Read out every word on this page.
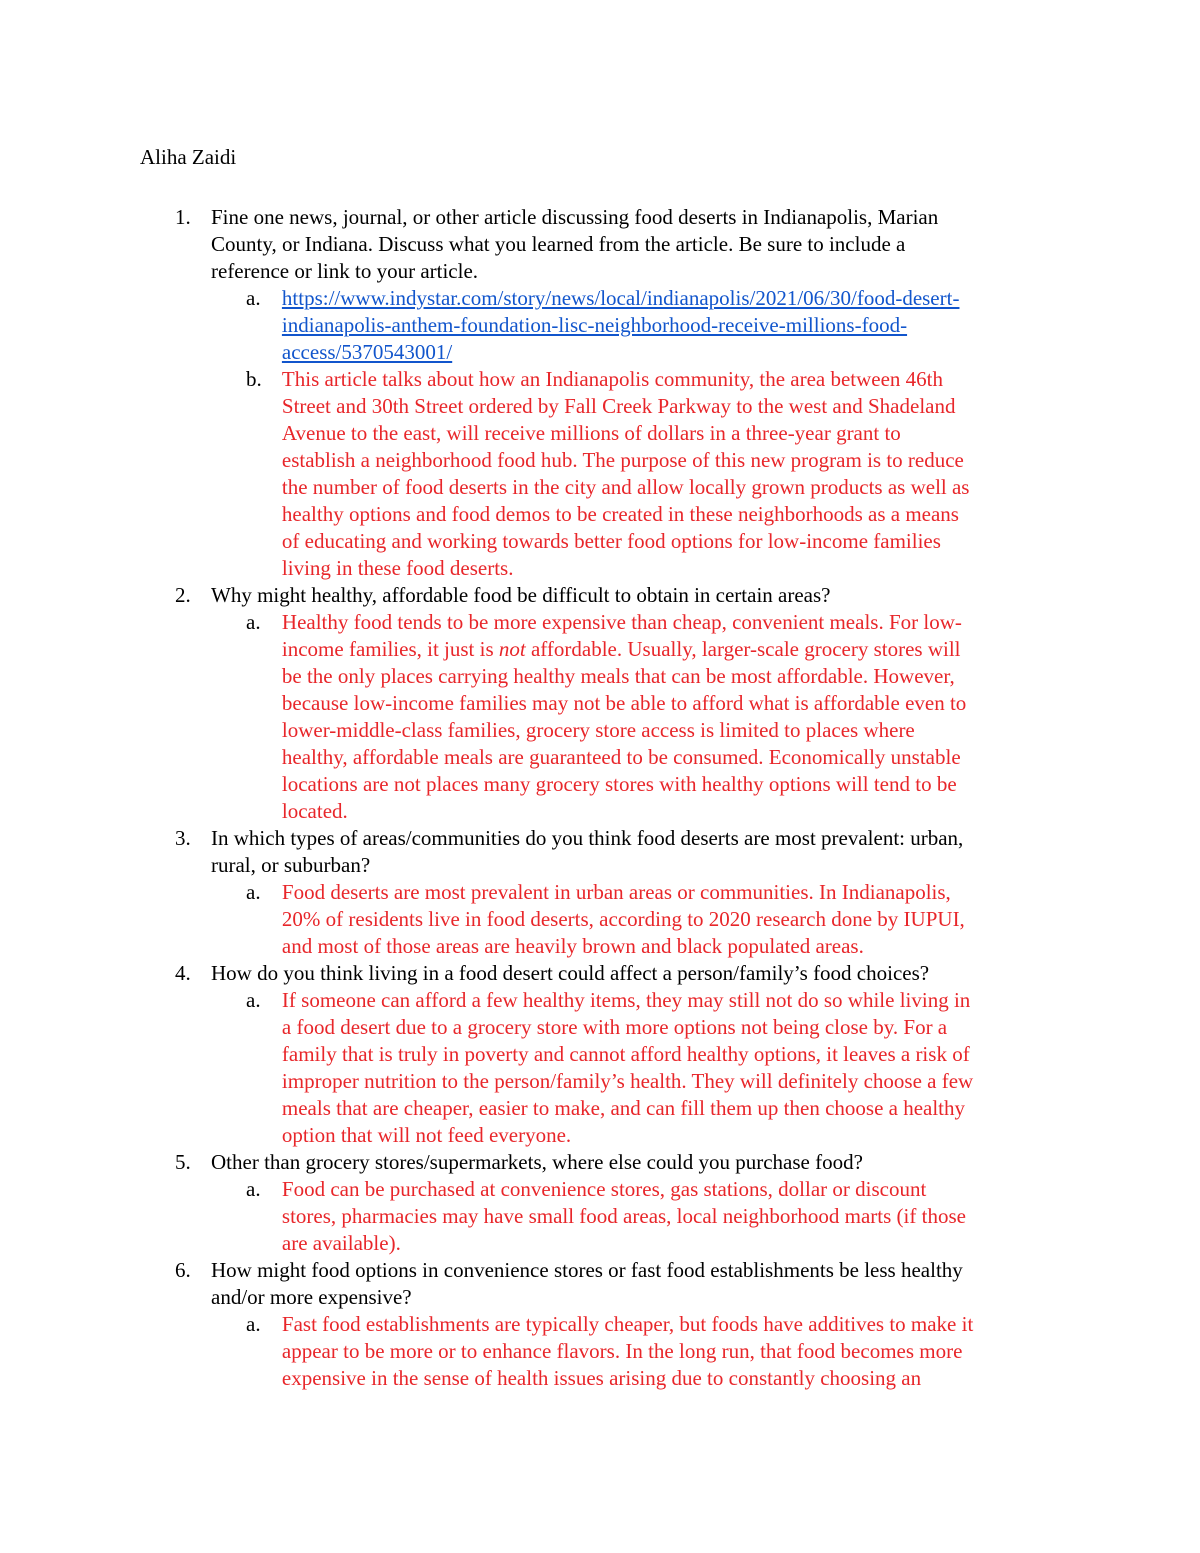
Aliha Zaidi
1. Fine one news, journal, or other article discussing food deserts in Indianapolis, Marian
County, or Indiana. Discuss what you learned from the article. Be sure to include a
reference or link to your article.
a.	https://www.indystar.com/story/news/local/indianapolis/2021/06/30/food-desert-
indianapolis-anthem-foundation-lisc-neighborhood-receive-millions-food-
access/5370543001/
b. This article talks about how an Indianapolis community, the area between 46th
Street and 30th Street ordered by Fall Creek Parkway to the west and Shadeland
Avenue to the east, will receive millions of dollars in a three-year grant to
establish a neighborhood food hub. The purpose of this new program is to reduce
the number of food deserts in the city and allow locally grown products as well as
healthy options and food demos to be created in these neighborhoods as a means
of educating and working towards better food options for low-income families
living in these food deserts.
2. Why might healthy, affordable food be difficult to obtain in certain areas?
a.	Healthy food tends to be more expensive than cheap, convenient meals. For low-
income families, it just is not affordable. Usually, larger-scale grocery stores will
be the only places carrying healthy meals that can be most affordable. However,
because low-income families may not be able to afford what is affordable even to
lower-middle-class families, grocery store access is limited to places where
healthy, affordable meals are guaranteed to be consumed. Economically unstable
locations are not places many grocery stores with healthy options will tend to be
located.
3. In which types of areas/communities do you think food deserts are most prevalent: urban,
rural, or suburban?
a.	Food deserts are most prevalent in urban areas or communities. In Indianapolis,
20% of residents live in food deserts, according to 2020 research done by IUPUI,
and most of those areas are heavily brown and black populated areas.
4. How do you think living in a food desert could affect a person/family’s food choices?
a.	If someone can afford a few healthy items, they may still not do so while living in
a food desert due to a grocery store with more options not being close by. For a
family that is truly in poverty and cannot afford healthy options, it leaves a risk of
improper nutrition to the person/family’s health. They will definitely choose a few
meals that are cheaper, easier to make, and can fill them up then choose a healthy
option that will not feed everyone.
5. Other than grocery stores/supermarkets, where else could you purchase food?
a.	Food can be purchased at convenience stores, gas stations, dollar or discount
stores, pharmacies may have small food areas, local neighborhood marts (if those
are available).
6. How might food options in convenience stores or fast food establishments be less healthy
and/or more expensive?
a.	Fast food establishments are typically cheaper, but foods have additives to make it
appear to be more or to enhance flavors. In the long run, that food becomes more
expensive in the sense of health issues arising due to constantly choosing an
